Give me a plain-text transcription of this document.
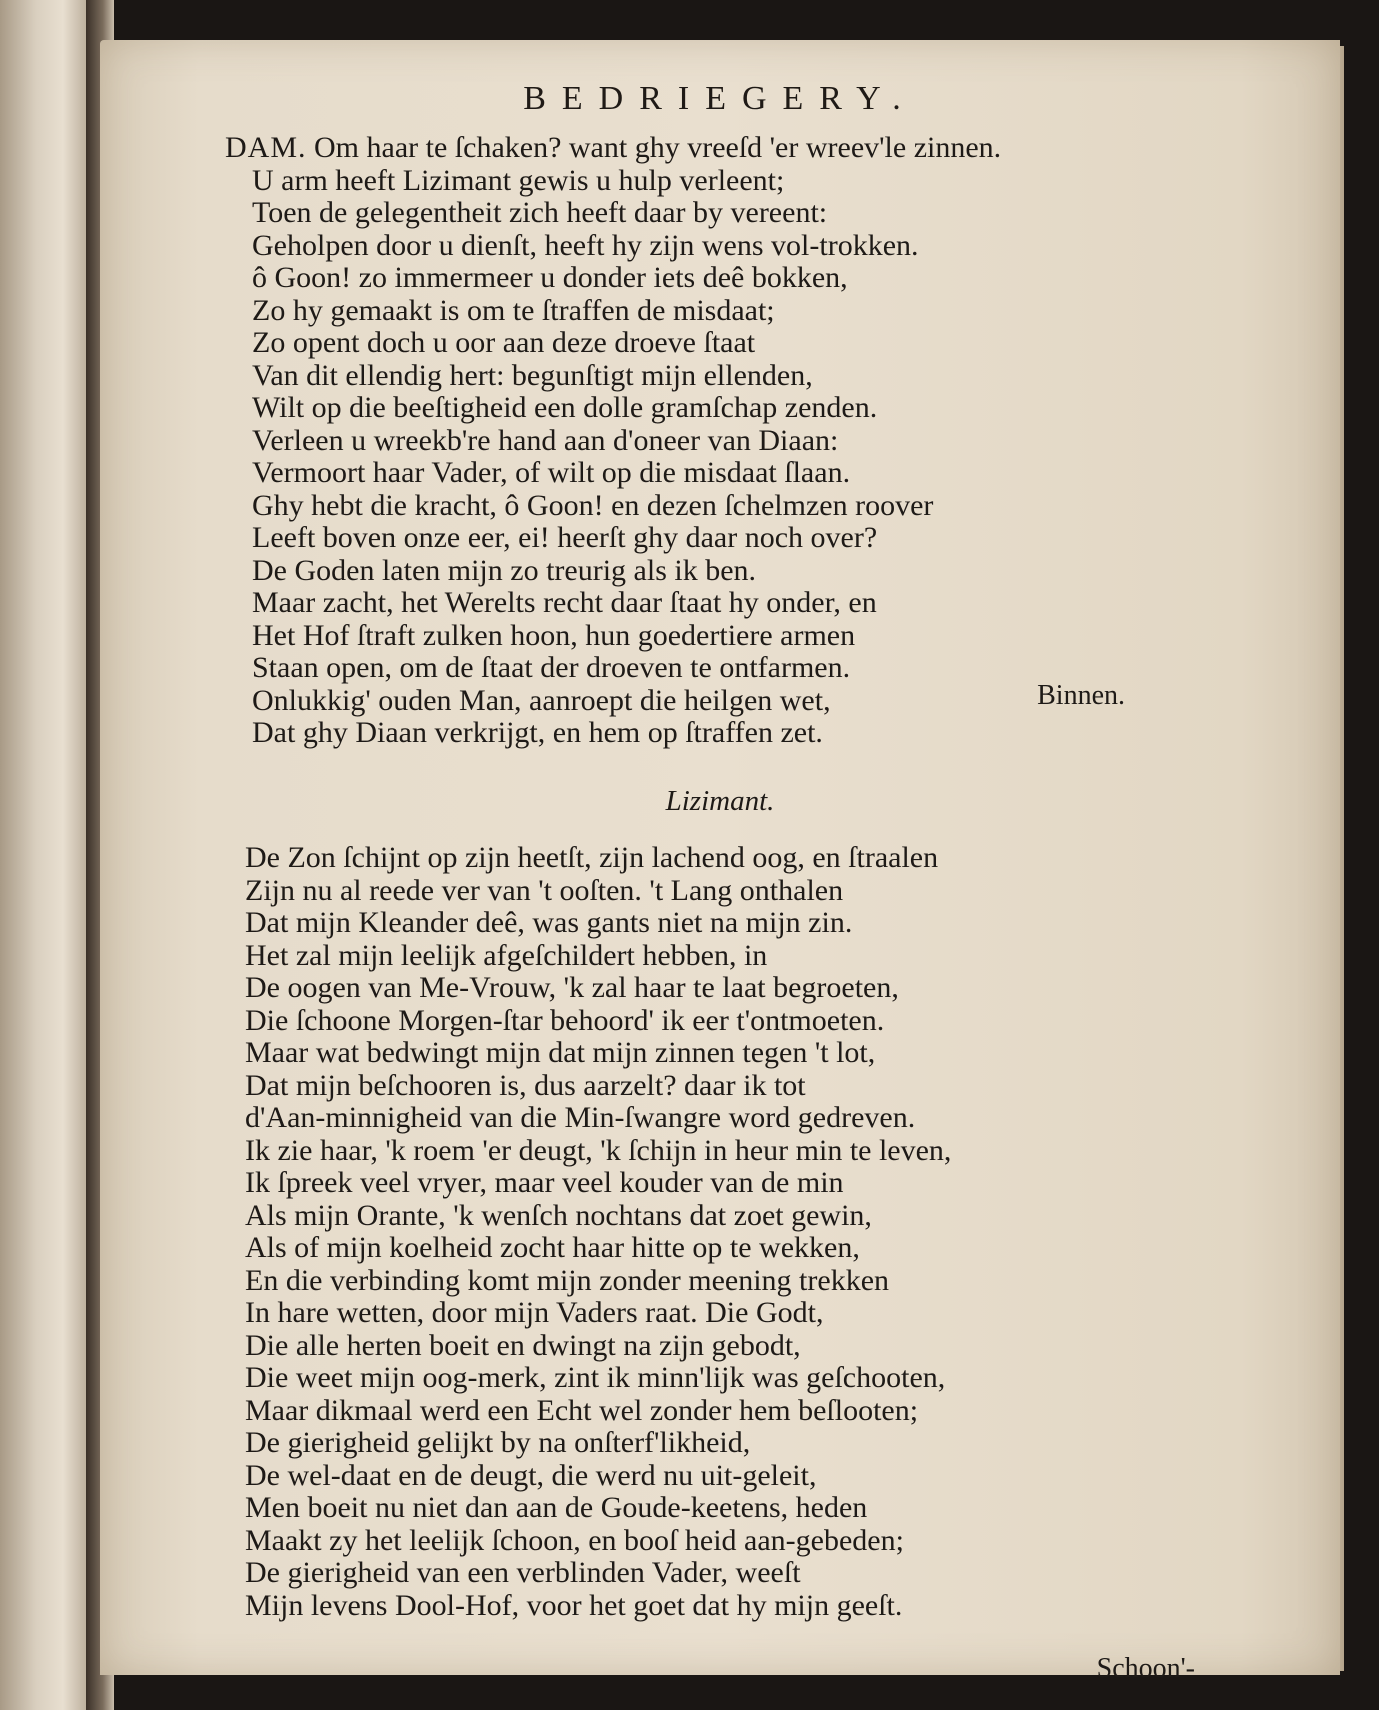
BEDRIEGERY.
DAM. Om haar te ſchaken? want ghy vreeſd 'er wreev'le zinnen.
U arm heeft Lizimant gewis u hulp verleent;
Toen de gelegentheit zich heeft daar by vereent:
Geholpen door u dienſt, heeft hy zijn wens vol-trokken.
ô Goon! zo immermeer u donder iets deê bokken,
Zo hy gemaakt is om te ſtraffen de misdaat;
Zo opent doch u oor aan deze droeve ſtaat
Van dit ellendig hert: begunſtigt mijn ellenden,
Wilt op die beeſtigheid een dolle gramſchap zenden.
Verleen u wreekb're hand aan d'oneer van Diaan:
Vermoort haar Vader, of wilt op die misdaat ſlaan.
Ghy hebt die kracht, ô Goon! en dezen ſchelmzen roover
Leeft boven onze eer, ei! heerſt ghy daar noch over?
De Goden laten mijn zo treurig als ik ben.
Maar zacht, het Werelts recht daar ſtaat hy onder, en
Het Hof ſtraft zulken hoon, hun goedertiere armen
Staan open, om de ſtaat der droeven te ontfarmen.
Onlukkig' ouden Man, aanroept die heilgen wet,
Dat ghy Diaan verkrijgt, en hem op ſtraffen zet.
Binnen.
Lizimant.
De Zon ſchijnt op zijn heetſt, zijn lachend oog, en ſtraalen
Zijn nu al reede ver van 't ooſten. 't Lang onthalen
Dat mijn Kleander deê, was gants niet na mijn zin.
Het zal mijn leelijk afgeſchildert hebben, in
De oogen van Me-Vrouw, 'k zal haar te laat begroeten,
Die ſchoone Morgen-ſtar behoord' ik eer t'ontmoeten.
Maar wat bedwingt mijn dat mijn zinnen tegen 't lot,
Dat mijn beſchooren is, dus aarzelt? daar ik tot
d'Aan-minnigheid van die Min-ſwangre word gedreven.
Ik zie haar, 'k roem 'er deugt, 'k ſchijn in heur min te leven,
Ik ſpreek veel vryer, maar veel kouder van de min
Als mijn Orante, 'k wenſch nochtans dat zoet gewin,
Als of mijn koelheid zocht haar hitte op te wekken,
En die verbinding komt mijn zonder meening trekken
In hare wetten, door mijn Vaders raat. Die Godt,
Die alle herten boeit en dwingt na zijn gebodt,
Die weet mijn oog-merk, zint ik minn'lijk was geſchooten,
Maar dikmaal werd een Echt wel zonder hem beſlooten;
De gierigheid gelijkt by na onſterf'likheid,
De wel-daat en de deugt, die werd nu uit-geleit,
Men boeit nu niet dan aan de Goude-keetens, heden
Maakt zy het leelijk ſchoon, en booſ heid aan-gebeden;
De gierigheid van een verblinden Vader, weeſt
Mijn levens Dool-Hof, voor het goet dat hy mijn geeſt.
Schoon'-
